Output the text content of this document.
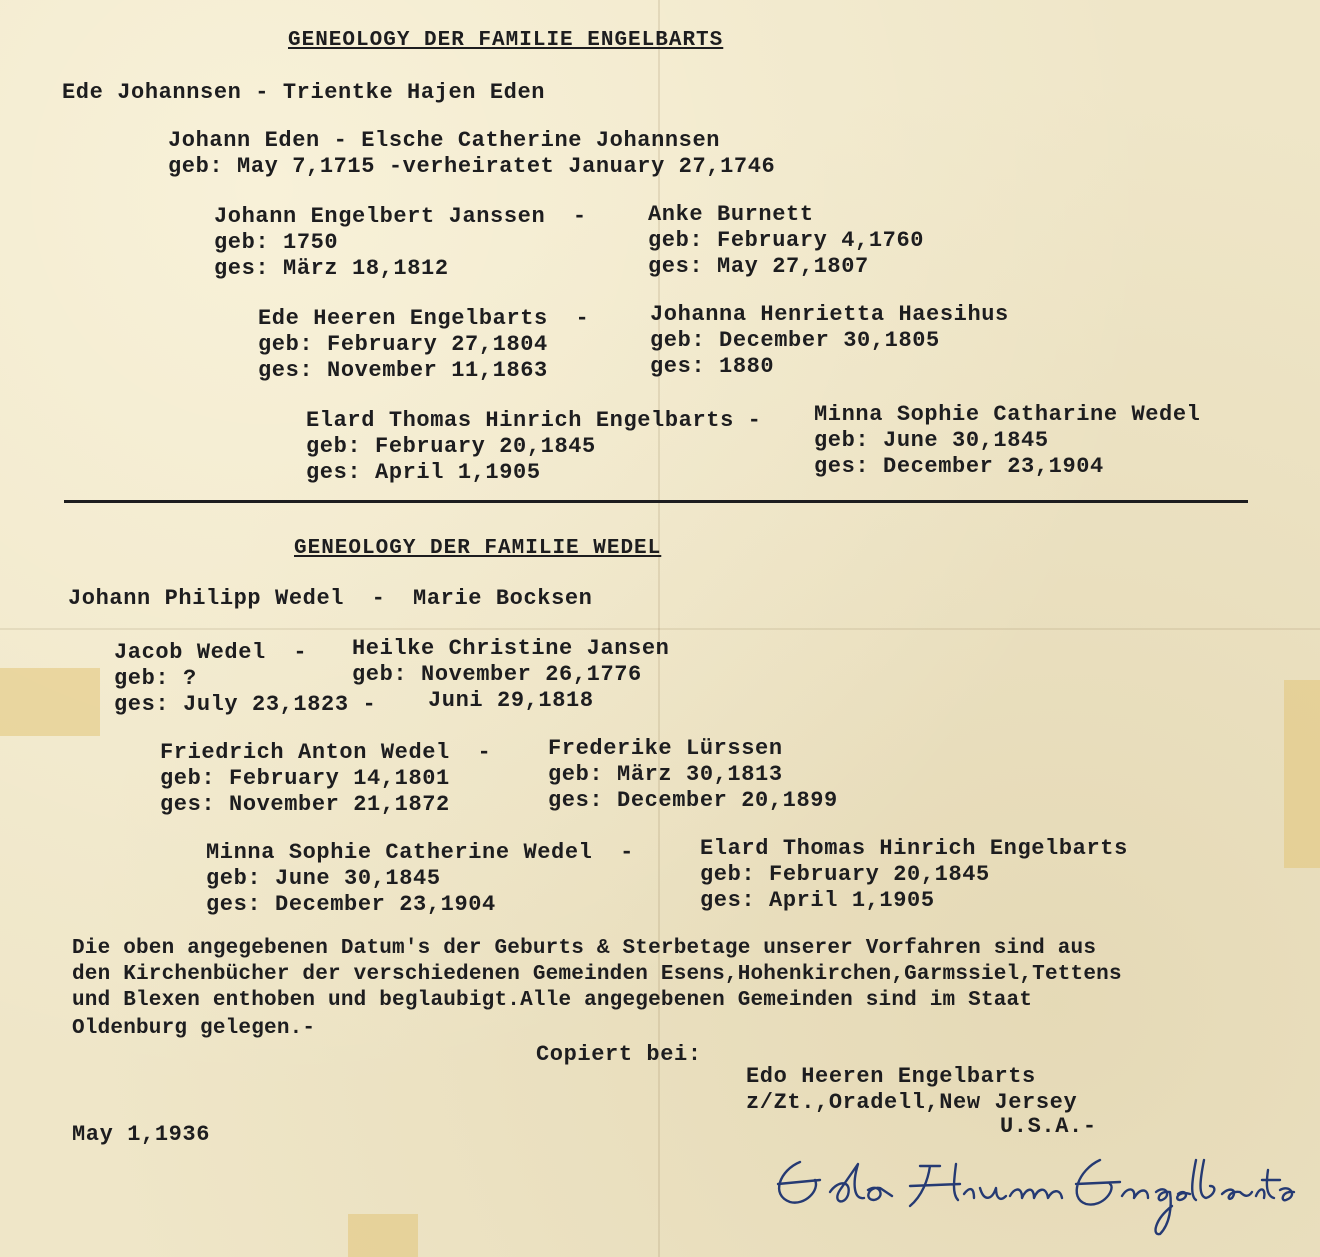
GENEOLOGY DER FAMILIE ENGELBARTS
Ede Johannsen - Trientke Hajen Eden
Johann Eden - Elsche Catherine Johannsen
geb: May 7,1715 -verheiratet January 27,1746
Johann Engelbert Janssen  -
geb: 1750
ges: März 18,1812
Anke Burnett
geb: February 4,1760
ges: May 27,1807
Ede Heeren Engelbarts  -
geb: February 27,1804
ges: November 11,1863
Johanna Henrietta Haesihus
geb: December 30,1805
ges: 1880
Elard Thomas Hinrich Engelbarts -
geb: February 20,1845
ges: April 1,1905
Minna Sophie Catharine Wedel
geb: June 30,1845
ges: December 23,1904
GENEOLOGY DER FAMILIE WEDEL
Johann Philipp Wedel  -  Marie Bocksen
Jacob Wedel  -
geb: ?
ges: July 23,1823 -
Heilke Christine Jansen
geb: November 26,1776
Juni 29,1818
Friedrich Anton Wedel  -
geb: February 14,1801
ges: November 21,1872
Frederike Lürssen
geb: März 30,1813
ges: December 20,1899
Minna Sophie Catherine Wedel  -
geb: June 30,1845
ges: December 23,1904
Elard Thomas Hinrich Engelbarts
geb: February 20,1845
ges: April 1,1905
Die oben angegebenen Datum's der Geburts & Sterbetage unserer Vorfahren sind aus
den Kirchenbücher der verschiedenen Gemeinden Esens,Hohenkirchen,Garmssiel,Tettens
und Blexen enthoben und beglaubigt.Alle angegebenen Gemeinden sind im Staat
Oldenburg gelegen.-
Copiert bei:
Edo Heeren Engelbarts
z/Zt.,Oradell,New Jersey
U.S.A.-
May 1,1936
